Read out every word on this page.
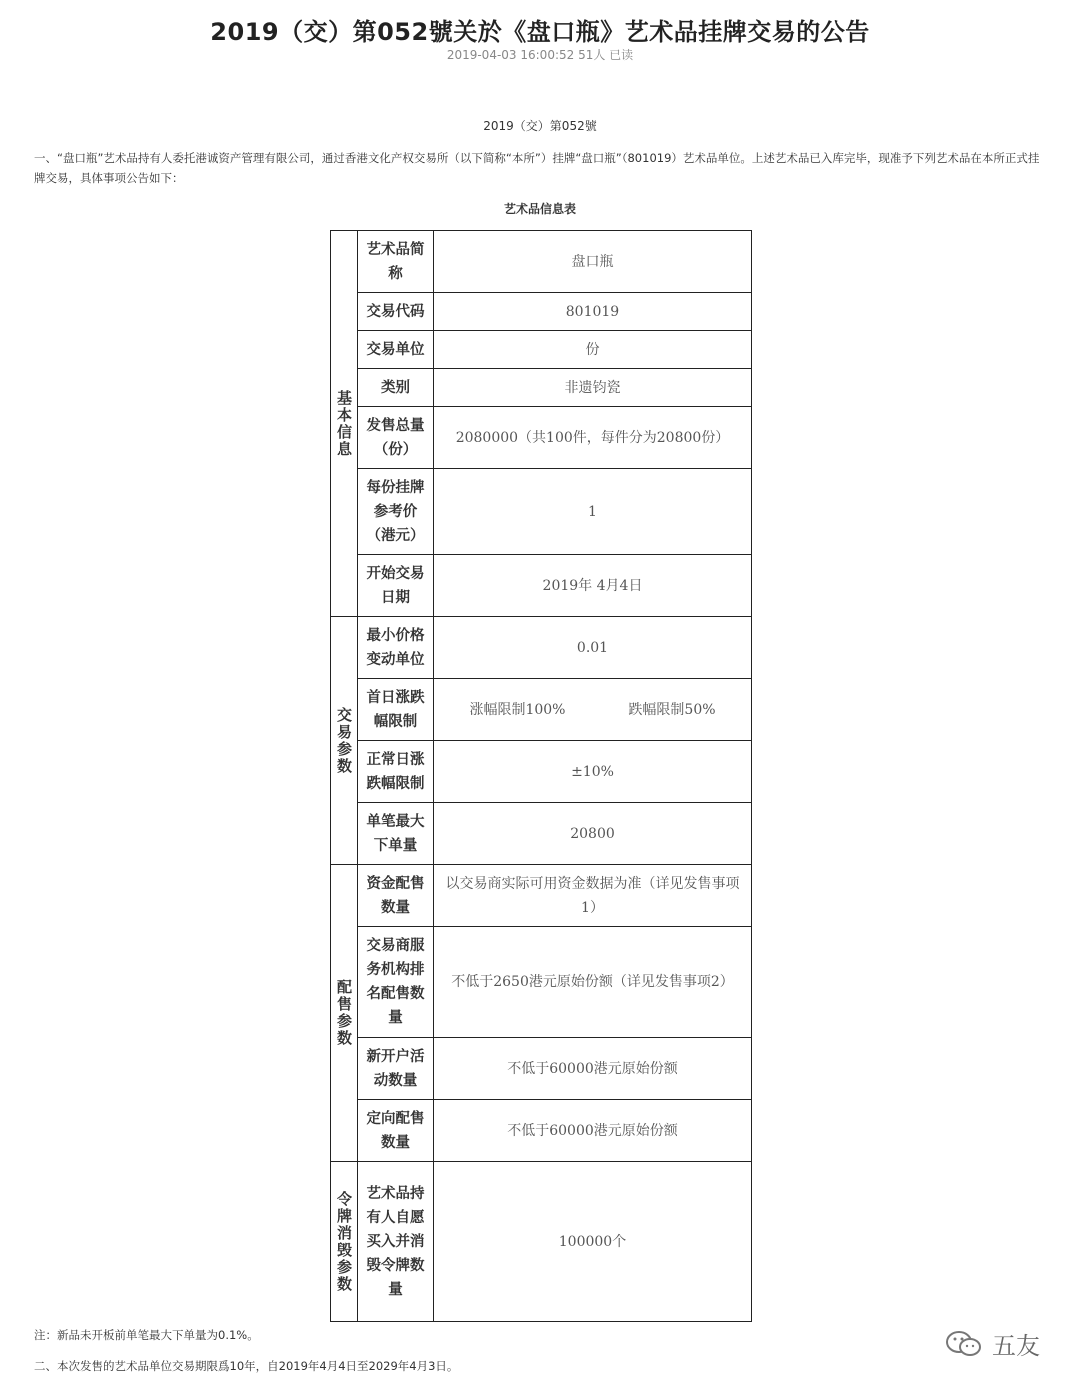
2019（交）第052號关於《盘口瓶》艺术品挂牌交易的公告
2019-04-03 16:00:52 51人 已读
2019（交）第052號
一、“盘口瓶”艺术品持有人委托港诚资产管理有限公司，通过香港文化产权交易所（以下简称“本所”）挂牌“盘口瓶”（801019）艺术品单位。上述艺术品已入库完毕，现准予下列艺术品在本所正式挂牌交易，具体事项公告如下：
艺术品信息表
基本信息	艺术品简称	盘口瓶
	交易代码	801019
	交易单位	份
	类别	非遗钧瓷
	发售总量（份）	2080000（共100件，每件分为20800份）
	每份挂牌参考价（港元）	1
	开始交易日期	2019年 4月4日
交易参数	最小价格变动单位	0.01
	首日涨跌幅限制	涨幅限制100% 跌幅限制50%

	正常日涨跌幅限制	±10%
	单笔最大下单量	20800
配售参数	资金配售数量	以交易商实际可用资金数据为准（详见发售事项1）
	交易商服务机构排名配售数量	不低于2650港元原始份额（详见发售事项2）
	新开户活动数量	不低于60000港元原始份额
	定向配售数量	不低于60000港元原始份额
令牌消毁参数	艺术品持有人自愿买入并消毁令牌数量	100000个
注：新品未开板前单笔最大下单量为0.1%。
二、本次发售的艺术品单位交易期限爲10年，自2019年4月4日至2029年4月3日。
五友
